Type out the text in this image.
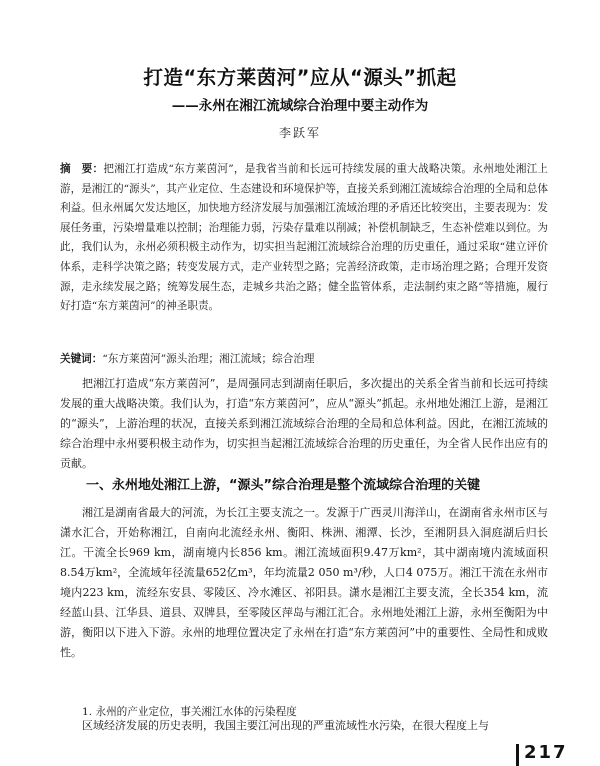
打造“东方莱茵河”应从“源头”抓起
——永州在湘江流域综合治理中要主动作为
李跃军
摘　要：把湘江打造成“东方莱茵河”，是我省当前和长远可持续发展的重大战略决策。永州地处湘江上游，是湘江的“源头”，其产业定位、生态建设和环境保护等，直接关系到湘江流域综合治理的全局和总体利益。但永州属欠发达地区，加快地方经济发展与加强湘江流域治理的矛盾还比较突出，主要表现为：发展任务重，污染增量难以控制；治理能力弱，污染存量难以削减；补偿机制缺乏，生态补偿难以到位。为此，我们认为，永州必须积极主动作为，切实担当起湘江流域综合治理的历史重任，通过采取“建立评价体系，走科学决策之路；转变发展方式，走产业转型之路；完善经济政策，走市场治理之路；合理开发资源，走永续发展之路；统筹发展生态，走城乡共治之路；健全监管体系，走法制约束之路”等措施，履行好打造“东方莱茵河”的神圣职责。
关键词：“东方莱茵河”源头治理；湘江流域；综合治理
把湘江打造成“东方莱茵河”，是周强同志到湖南任职后，多次提出的关系全省当前和长远可持续发展的重大战略决策。我们认为，打造“东方莱茵河”，应从“源头”抓起。永州地处湘江上游，是湘江的“源头”，上游治理的状况，直接关系到湘江流域综合治理的全局和总体利益。因此，在湘江流域的综合治理中永州要积极主动作为，切实担当起湘江流域综合治理的历史重任，为全省人民作出应有的贡献。
一、永州地处湘江上游，“源头”综合治理是整个流域综合治理的关键
湘江是湖南省最大的河流，为长江主要支流之一。发源于广西灵川海洋山，在湖南省永州市区与潇水汇合，开始称湘江，自南向北流经永州、衡阳、株洲、湘潭、长沙，至湘阴县入洞庭湖后归长江。干流全长969 km，湖南境内长856 km。湘江流域面积9.47万km²，其中湖南境内流域面积8.54万km²，全流域年径流量652亿m³，年均流量2 050 m³/秒，人口4 075万。湘江干流在永州市境内223 km，流经东安县、零陵区、冷水滩区、祁阳县。潇水是湘江主要支流，全长354 km，流经蓝山县、江华县、道县、双牌县，至零陵区萍岛与湘江汇合。永州地处湘江上游，永州至衡阳为中游，衡阳以下进入下游。永州的地理位置决定了永州在打造“东方莱茵河”中的重要性、全局性和成败性。
1. 永州的产业定位，事关湘江水体的污染程度
区域经济发展的历史表明，我国主要江河出现的严重流域性水污染，在很大程度上与
217
